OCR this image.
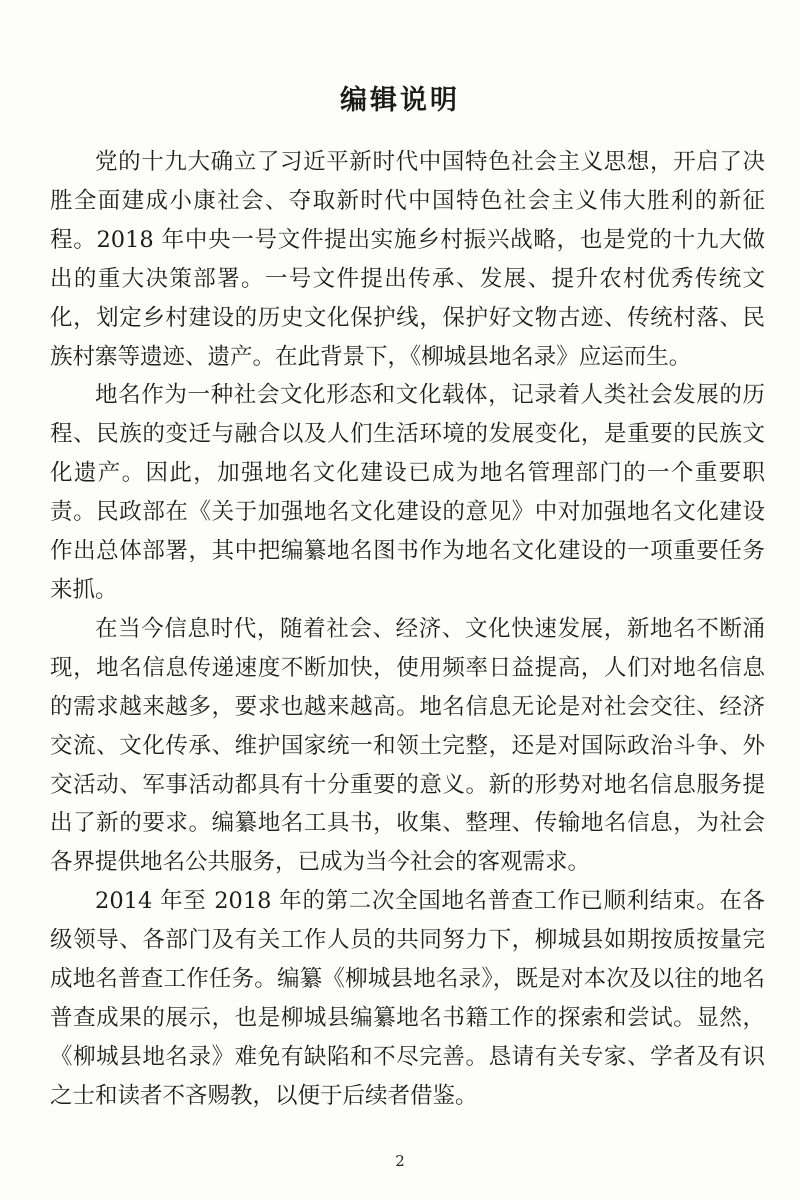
编辑说明

党的十九大确立了习近平新时代中国特色社会主义思想，开启了决胜全面建成小康社会、夺取新时代中国特色社会主义伟大胜利的新征程。2018 年中央一号文件提出实施乡村振兴战略，也是党的十九大做出的重大决策部署。一号文件提出传承、发展、提升农村优秀传统文化，划定乡村建设的历史文化保护线，保护好文物古迹、传统村落、民族村寨等遗迹、遗产。在此背景下，《柳城县地名录》应运而生。

地名作为一种社会文化形态和文化载体，记录着人类社会发展的历程、民族的变迁与融合以及人们生活环境的发展变化，是重要的民族文化遗产。因此，加强地名文化建设已成为地名管理部门的一个重要职责。民政部在《关于加强地名文化建设的意见》中对加强地名文化建设作出总体部署，其中把编纂地名图书作为地名文化建设的一项重要任务来抓。

在当今信息时代，随着社会、经济、文化快速发展，新地名不断涌现，地名信息传递速度不断加快，使用频率日益提高，人们对地名信息的需求越来越多，要求也越来越高。地名信息无论是对社会交往、经济交流、文化传承、维护国家统一和领土完整，还是对国际政治斗争、外交活动、军事活动都具有十分重要的意义。新的形势对地名信息服务提出了新的要求。编纂地名工具书，收集、整理、传输地名信息，为社会各界提供地名公共服务，已成为当今社会的客观需求。

2014 年至 2018 年的第二次全国地名普查工作已顺利结束。在各级领导、各部门及有关工作人员的共同努力下，柳城县如期按质按量完成地名普查工作任务。编纂《柳城县地名录》，既是对本次及以往的地名普查成果的展示，也是柳城县编纂地名书籍工作的探索和尝试。显然，《柳城县地名录》难免有缺陷和不尽完善。恳请有关专家、学者及有识之士和读者不吝赐教，以便于后续者借鉴。

2
